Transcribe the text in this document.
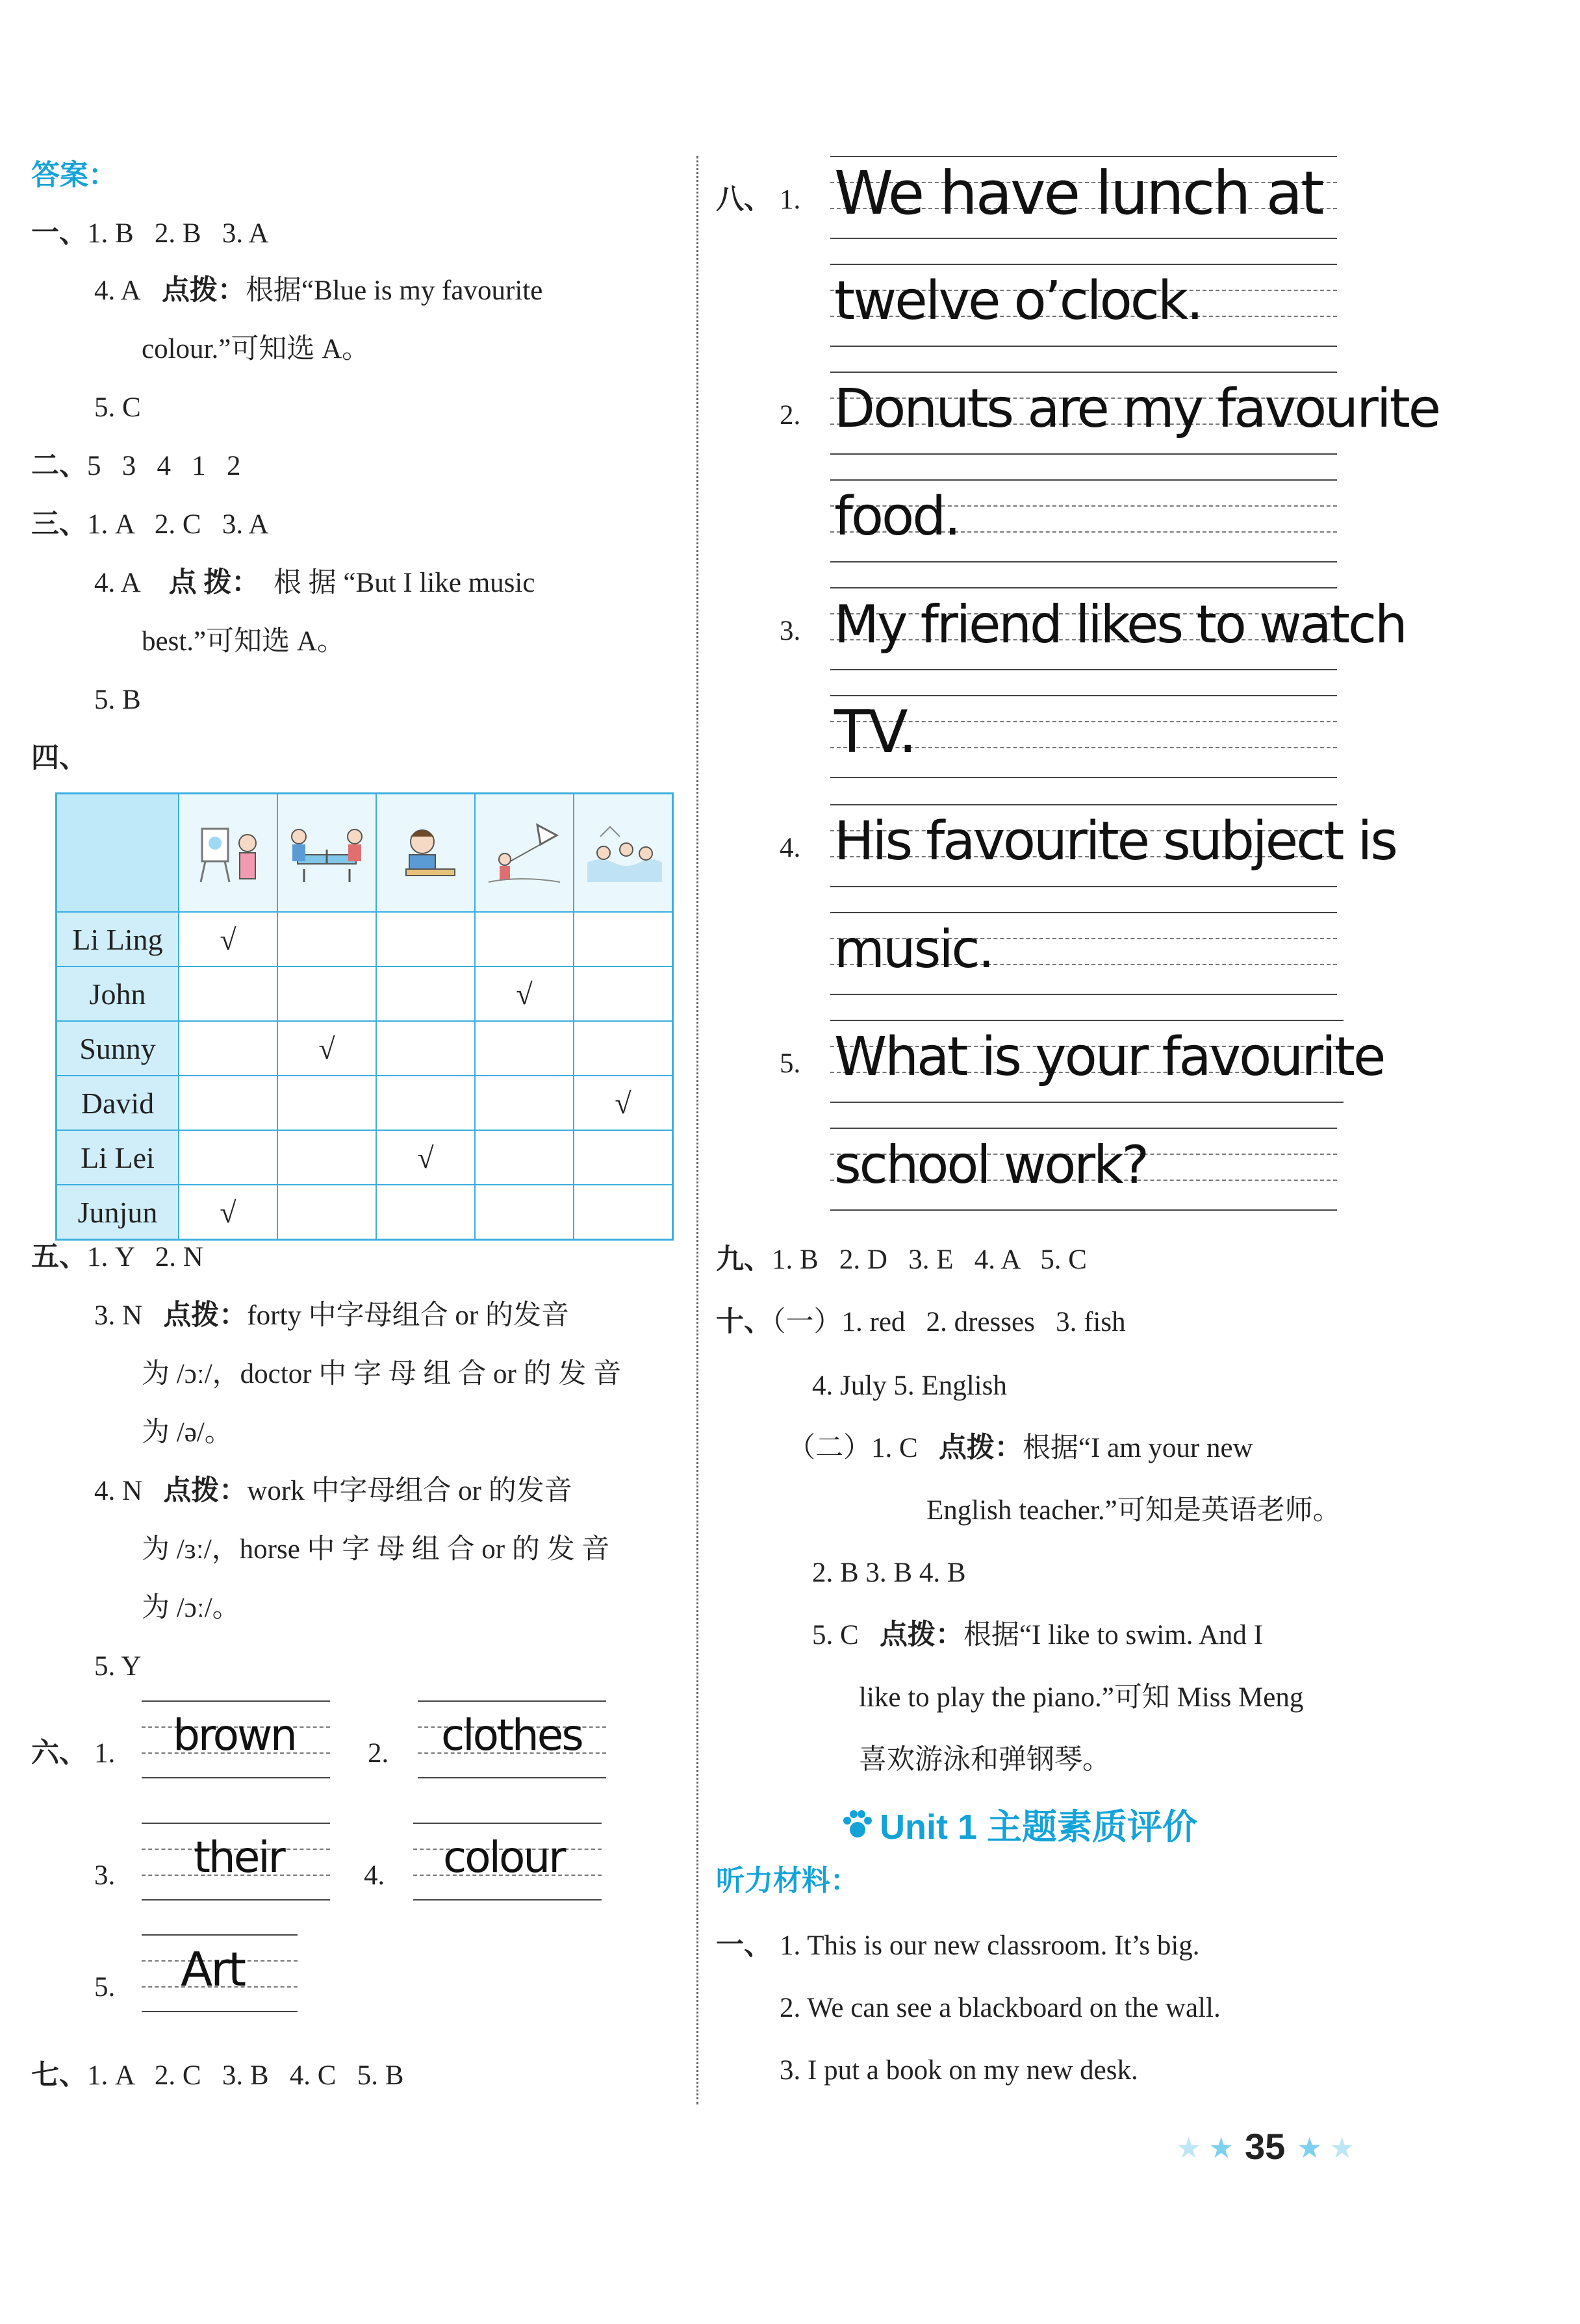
答案：
一、1. B   2. B   3. A
4. A 点拨：根据“Blue is my favourite
colour.”可知选 A。
5. C
二、5   3   4   1   2
三、1. A   2. C   3. A
4. A 点 拨： 根 据 “But I like music
best.”可知选 A。
5. B
四、

Li Ling	√				
John				√	
Sunny		√			
David					√
Li Lei			√		
Junjun	√				
五、1. Y   2. N
3. N 点拨：forty 中字母组合 or 的发音
为 /ɔː/，doctor 中 字 母 组 合 or 的 发 音
为 /ə/。
4. N 点拨：work 中字母组合 or 的发音
为 /ɜː/，horse 中 字 母 组 合 or 的 发 音
为 /ɔː/。
5. Y
六、 1. brown	2. clothes
3. their	4. colour
5. Art
七、1. A   2. C   3. B   4. C   5. B
八、 1. We have lunch at
twelve o’clock.
2. Donuts are my favourite
food.
3. My friend likes to watch
TV.
4. His favourite subject is
music.
5. What is your favourite
school work?
九、1. B   2. D   3. E   4. A   5. C
十、（一）1. red   2. dresses   3. fish
4. July 5. English
（二）1. C 点拨：根据“I am your new
English teacher.”可知是英语老师。
2. B 3. B 4. B
5. C 点拨：根据“I like to swim. And I
like to play the piano.”可知 Miss Meng
喜欢游泳和弹钢琴。
Unit 1 主题素质评价
听力材料：
一、 1. This is our new classroom. It’s big.
2. We can see a blackboard on the wall.
3. I put a book on my new desk.
★ ★ 35 ★ ★
